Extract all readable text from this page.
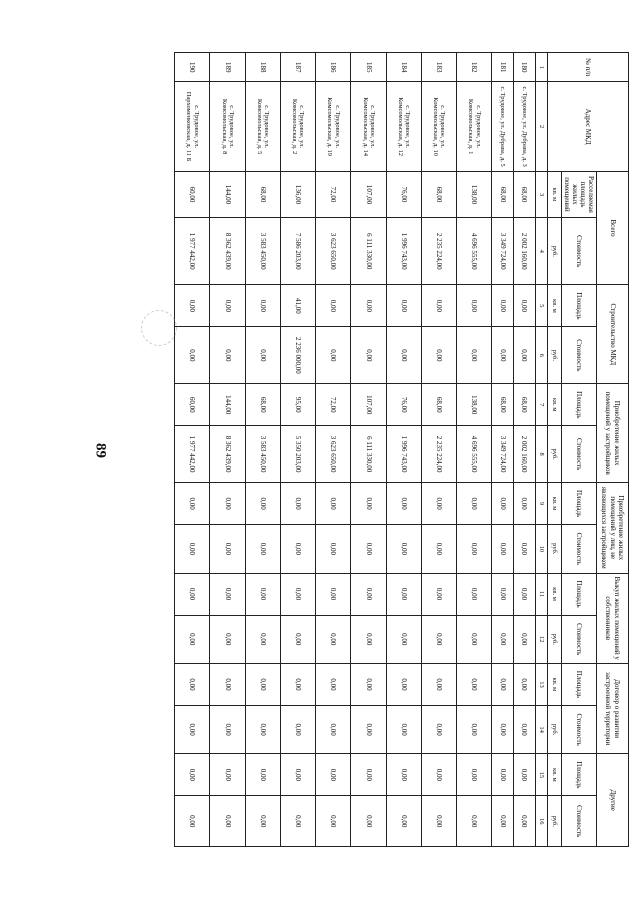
89
№ п/п	Адрес МКД	Всего		Строительство МКД		Приобретение жилых помещений у застройщиков		Приобретение жилых помещений у лиц, не являющихся застройщиком		Выкуп жилых помещений у собственников		Договор о развитии застроенной территории		Другие	
		Расселяемая площадь жилых помещений	Стоимость	Площадь	Стоимость	Площадь	Стоимость	Площадь	Стоимость	Площадь	Стоимость	Площадь	Стоимость	Площадь	Стоимость
		кв. м	руб.	кв. м	руб.	кв. м	руб.	кв. м	руб.	кв. м	руб.	кв. м	руб.	кв. м	руб.
1	2	3	4	5	6	7	8	9	10	11	12	13	14	15	16
180	с. Трудовое, ул. Дубрава, д. 3	68,00	2 002 160,00	0,00	0,00	68,00	2 002 160,00	0,00	0,00	0,00	0,00	0,00	0,00	0,00	0,00
181	с. Трудовое, ул. Дубрава, д. 5	68,00	3 349 724,00	0,00	0,00	68,00	3 349 724,00	0,00	0,00	0,00	0,00	0,00	0,00	0,00	0,00
182	с. Трудовое, ул. Комсомольская, д. 1	138,00	4 696 555,00	0,00	0,00	138,00	4 696 555,00	0,00	0,00	0,00	0,00	0,00	0,00	0,00	0,00
183	с. Трудовое, ул. Комсомольская, д. 10	68,00	2 235 224,00	0,00	0,00	68,00	2 235 224,00	0,00	0,00	0,00	0,00	0,00	0,00	0,00	0,00
184	с. Трудовое, ул. Комсомольская, д. 12	76,00	1 996 743,00	0,00	0,00	76,00	1 996 743,00	0,00	0,00	0,00	0,00	0,00	0,00	0,00	0,00
185	с. Трудовое, ул. Комсомольская, д. 14	107,00	6 111 330,00	0,00	0,00	107,00	6 111 330,00	0,00	0,00	0,00	0,00	0,00	0,00	0,00	0,00
186	с. Трудовое, ул. Комсомольская, д. 19	72,00	3 623 650,00	0,00	0,00	72,00	3 623 650,00	0,00	0,00	0,00	0,00	0,00	0,00	0,00	0,00
187	с. Трудовое, ул. Комсомольская, д. 2	136,00	7 586 203,00	41,00	2 236 000,00	95,00	5 350 203,00	0,00	0,00	0,00	0,00	0,00	0,00	0,00	0,00
188	с. Трудовое, ул. Комсомольская, д. 5	68,00	3 583 450,00	0,00	0,00	68,00	3 583 450,00	0,00	0,00	0,00	0,00	0,00	0,00	0,00	0,00
189	с. Трудовое, ул. Комсомольская, д. 8	144,00	8 362 439,00	0,00	0,00	144,00	8 362 439,00	0,00	0,00	0,00	0,00	0,00	0,00	0,00	0,00
190	с. Трудовое, ул. Пархоменковская, д. 11 Б	60,00	1 977 442,00	0,00	0,00	60,00	1 977 442,00	0,00	0,00	0,00	0,00	0,00	0,00	0,00	0,00
